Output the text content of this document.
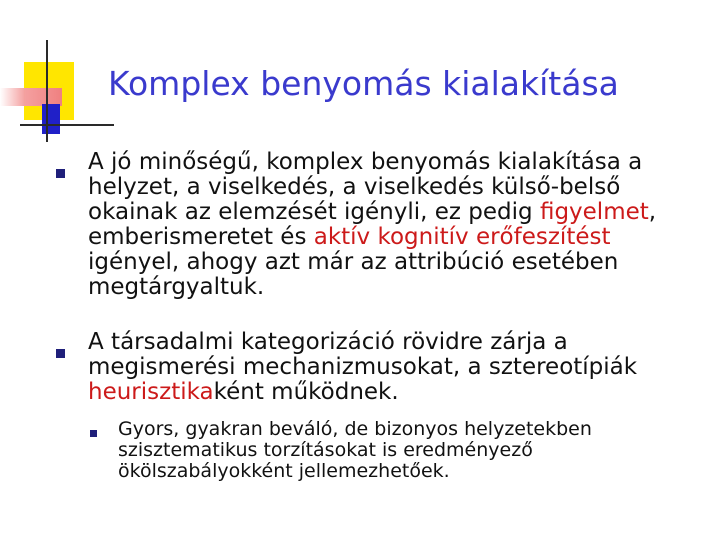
Komplex benyomás kialakítása
A jó minőségű, komplex benyomás kialakítása a helyzet, a viselkedés, a viselkedés külső-belső okainak az elemzését igényli, ez pedig figyelmet, emberismeretet és aktív kognitív erőfeszítést igényel, ahogy azt már az attribúció esetében megtárgyaltuk.
A társadalmi kategorizáció rövidre zárja a megismerési mechanizmusokat, a sztereotípiák heurisztikaként működnek.
Gyors, gyakran beváló, de bizonyos helyzetekben szisztematikus torzításokat is eredményező ökölszabályokként jellemezhetőek.
